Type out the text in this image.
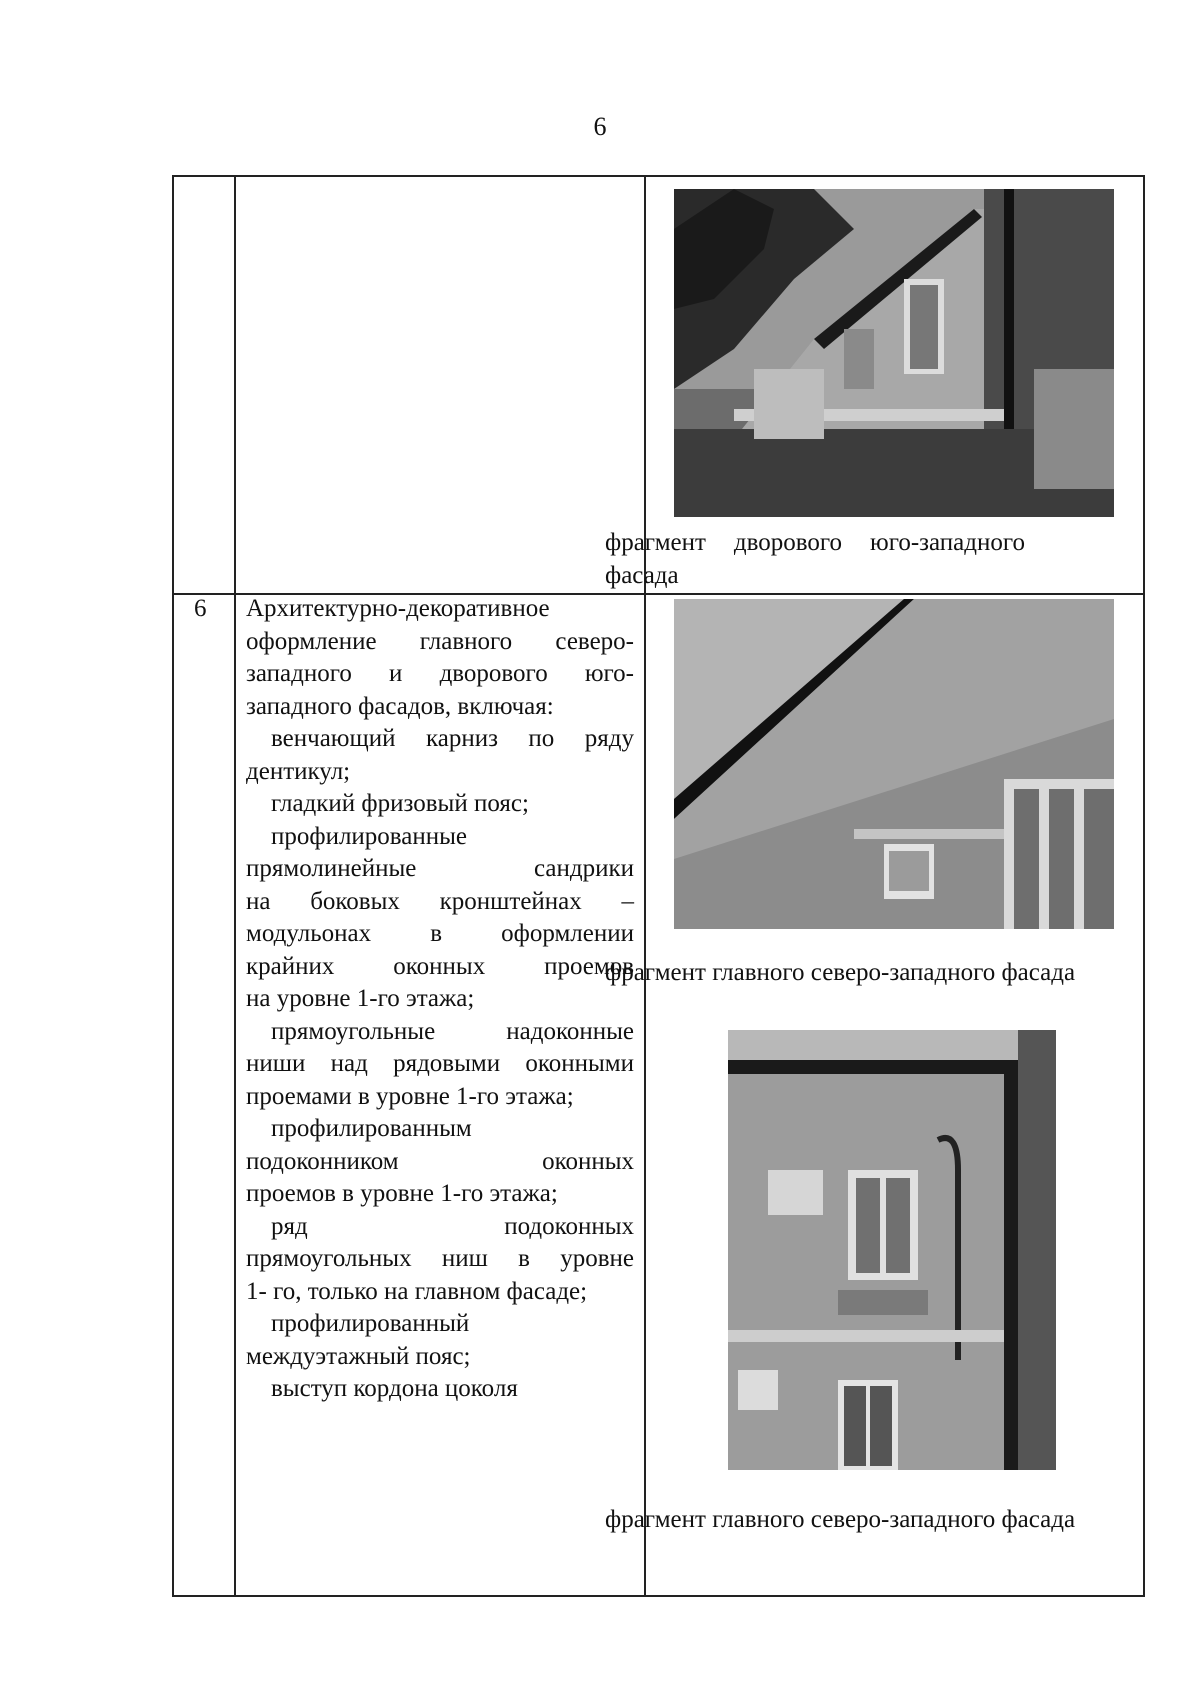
6
фрагмент дворового юго-западного фасада
6 Архитектурно-декоративное

оформление главного северо-

западного и дворового юго-

западного фасадов, включая:

венчающий карниз по ряду

дентикул;

гладкий фризовый пояс;

профилированные

прямолинейные сандрики

на боковых кронштейнах –

модульонах в оформлении

крайних оконных проемов

на уровне 1-го этажа;

прямоугольные надоконные

ниши над рядовыми оконными

проемами в уровне 1-го этажа;

профилированным

подоконником оконных

проемов в уровне 1-го этажа;

ряд подоконных

прямоугольных ниш в уровне

1- го, только на главном фасаде;

профилированный

междуэтажный пояс;

выступ кордона цоколя

фрагмент главного северо-западного фасада
фрагмент главного северо-западного фасада
